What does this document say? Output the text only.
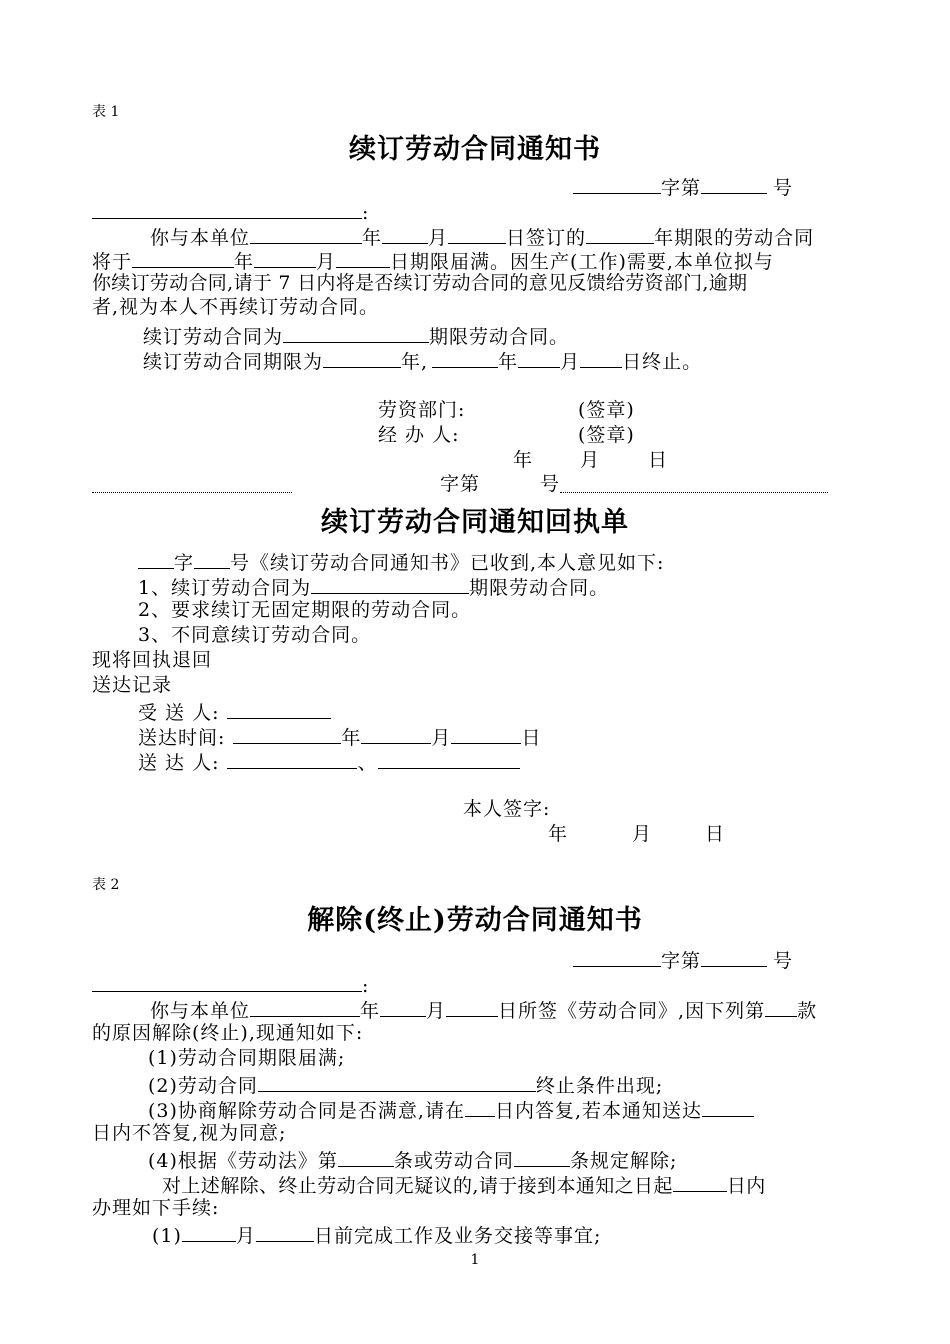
表 1
续订劳动合同通知书
字第	号
:
你与本单位	年 月	日签订的	年期限的劳动合同
将于	年	月	日期限届满。因生产(工作)需要,本单位拟与
你续订劳动合同,请于 7 日内将是否续订劳动合同的意见反馈给劳资部门,逾期
者,视为本人不再续订劳动合同。
续订劳动合同为	期限劳动合同。
续订劳动合同期限为	年,	年 月 日终止。
劳资部门:	(签章)
经 办 人:	(签章)
年 月	日
字第	号
续订劳动合同通知回执单
字 号《续订劳动合同通知书》已收到,本人意见如下:
1、续订劳动合同为	期限劳动合同。
2、要求续订无固定期限的劳动合同。
3、不同意续订劳动合同。
现将回执退回
送达记录
受 送 人:
送达时间:	年	月	日
送 达 人:	、
本人签字:
年	月	日
表 2
解除(终止)劳动合同通知书
字第	号
:
你与本单位	年 月	日所签《劳动合同》,因下列第 款
的原因解除(终止),现通知如下:
(1)劳动合同期限届满;
(2)劳动合同	终止条件出现;
(3)协商解除劳动合同是否满意,请在 日内答复,若本通知送达
日内不答复,视为同意;
(4)根据《劳动法》第	条或劳动合同	条规定解除;
对上述解除、终止劳动合同无疑议的,请于接到本通知之日起	日内
办理如下手续:
(1)	月	日前完成工作及业务交接等事宜;
1
